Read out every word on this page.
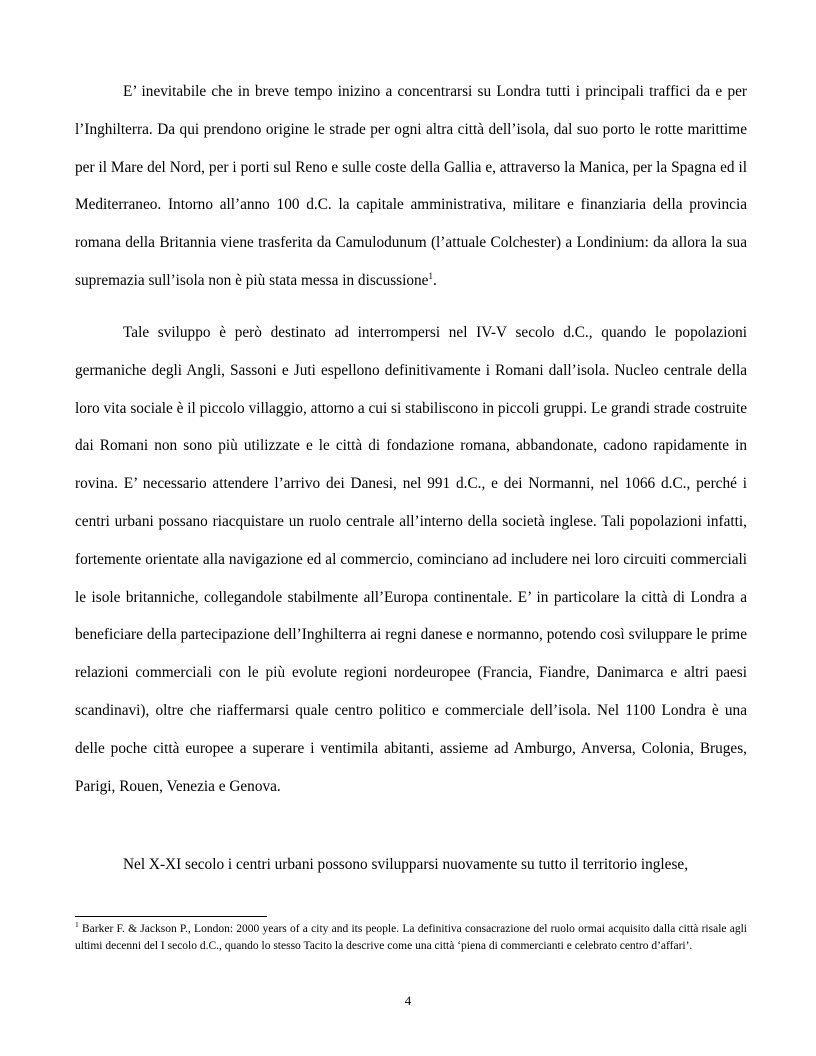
E’ inevitabile che in breve tempo inizino a concentrarsi su Londra tutti i principali traffici da e per l’Inghilterra. Da qui prendono origine le strade per ogni altra città dell’isola, dal suo porto le rotte marittime per il Mare del Nord, per i porti sul Reno e sulle coste della Gallia e, attraverso la Manica, per la Spagna ed il Mediterraneo. Intorno all’anno 100 d.C. la capitale amministrativa, militare e finanziaria della provincia romana della Britannia viene trasferita da Camulodunum (l’attuale Colchester) a Londinium: da allora la sua supremazia sull’isola non è più stata messa in discussione$^1$.

Tale sviluppo è però destinato ad interrompersi nel IV-V secolo d.C., quando le popolazioni germaniche degli Angli, Sassoni e Juti espellono definitivamente i Romani dall’isola. Nucleo centrale della loro vita sociale è il piccolo villaggio, attorno a cui si stabiliscono in piccoli gruppi. Le grandi strade costruite dai Romani non sono più utilizzate e le città di fondazione romana, abbandonate, cadono rapidamente in rovina. E’ necessario attendere l’arrivo dei Danesi, nel 991 d.C., e dei Normanni, nel 1066 d.C., perché i centri urbani possano riacquistare un ruolo centrale all’interno della società inglese. Tali popolazioni infatti, fortemente orientate alla navigazione ed al commercio, cominciano ad includere nei loro circuiti commerciali le isole britanniche, collegandole stabilmente all’Europa continentale. E’ in particolare la città di Londra a beneficiare della partecipazione dell’Inghilterra ai regni danese e normanno, potendo così sviluppare le prime relazioni commerciali con le più evolute regioni nordeuropee (Francia, Fiandre, Danimarca e altri paesi scandinavi), oltre che riaffermarsi quale centro politico e commerciale dell’isola. Nel 1100 Londra è una delle poche città europee a superare i ventimila abitanti, assieme ad Amburgo, Anversa, Colonia, Bruges, Parigi, Rouen, Venezia e Genova.

Nel X-XI secolo i centri urbani possono svilupparsi nuovamente su tutto il territorio inglese,

$^1$ Barker F. & Jackson P., London: 2000 years of a city and its people. La definitiva consacrazione del ruolo ormai acquisito dalla città risale agli ultimi decenni del I secolo d.C., quando lo stesso Tacito la descrive come una città ‘piena di commercianti e celebrato centro d’affari’.

4
